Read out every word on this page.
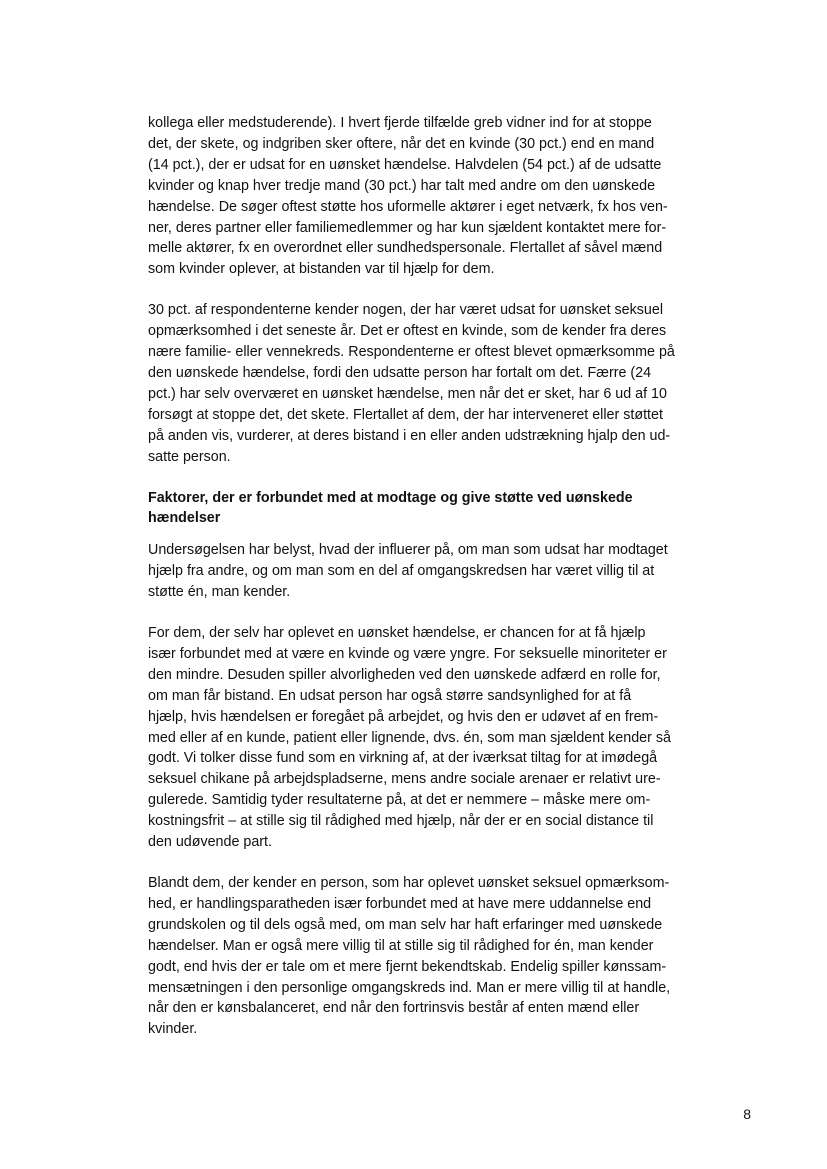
kollega eller medstuderende). I hvert fjerde tilfælde greb vidner ind for at stoppe
det, der skete, og indgriben sker oftere, når det en kvinde (30 pct.) end en mand
(14 pct.), der er udsat for en uønsket hændelse. Halvdelen (54 pct.) af de udsatte
kvinder og knap hver tredje mand (30 pct.) har talt med andre om den uønskede
hændelse. De søger oftest støtte hos uformelle aktører i eget netværk, fx hos ven-
ner, deres partner eller familiemedlemmer og har kun sjældent kontaktet mere for-
melle aktører, fx en overordnet eller sundhedspersonale. Flertallet af såvel mænd
som kvinder oplever, at bistanden var til hjælp for dem.
30 pct. af respondenterne kender nogen, der har været udsat for uønsket seksuel
opmærksomhed i det seneste år. Det er oftest en kvinde, som de kender fra deres
nære familie- eller vennekreds. Respondenterne er oftest blevet opmærksomme på
den uønskede hændelse, fordi den udsatte person har fortalt om det. Færre (24
pct.) har selv overværet en uønsket hændelse, men når det er sket, har 6 ud af 10
forsøgt at stoppe det, det skete. Flertallet af dem, der har interveneret eller støttet
på anden vis, vurderer, at deres bistand i en eller anden udstrækning hjalp den ud-
satte person.
Faktorer, der er forbundet med at modtage og give støtte ved uønskede
hændelser
Undersøgelsen har belyst, hvad der influerer på, om man som udsat har modtaget
hjælp fra andre, og om man som en del af omgangskredsen har været villig til at
støtte én, man kender.
For dem, der selv har oplevet en uønsket hændelse, er chancen for at få hjælp
især forbundet med at være en kvinde og være yngre. For seksuelle minoriteter er
den mindre. Desuden spiller alvorligheden ved den uønskede adfærd en rolle for,
om man får bistand. En udsat person har også større sandsynlighed for at få
hjælp, hvis hændelsen er foregået på arbejdet, og hvis den er udøvet af en frem-
med eller af en kunde, patient eller lignende, dvs. én, som man sjældent kender så
godt. Vi tolker disse fund som en virkning af, at der iværksat tiltag for at imødegå
seksuel chikane på arbejdspladserne, mens andre sociale arenaer er relativt ure-
gulerede. Samtidig tyder resultaterne på, at det er nemmere – måske mere om-
kostningsfrit – at stille sig til rådighed med hjælp, når der er en social distance til
den udøvende part.
Blandt dem, der kender en person, som har oplevet uønsket seksuel opmærksom-
hed, er handlingsparatheden især forbundet med at have mere uddannelse end
grundskolen og til dels også med, om man selv har haft erfaringer med uønskede
hændelser. Man er også mere villig til at stille sig til rådighed for én, man kender
godt, end hvis der er tale om et mere fjernt bekendtskab. Endelig spiller kønssam-
mensætningen i den personlige omgangskreds ind. Man er mere villig til at handle,
når den er kønsbalanceret, end når den fortrinsvis består af enten mænd eller
kvinder.
8
